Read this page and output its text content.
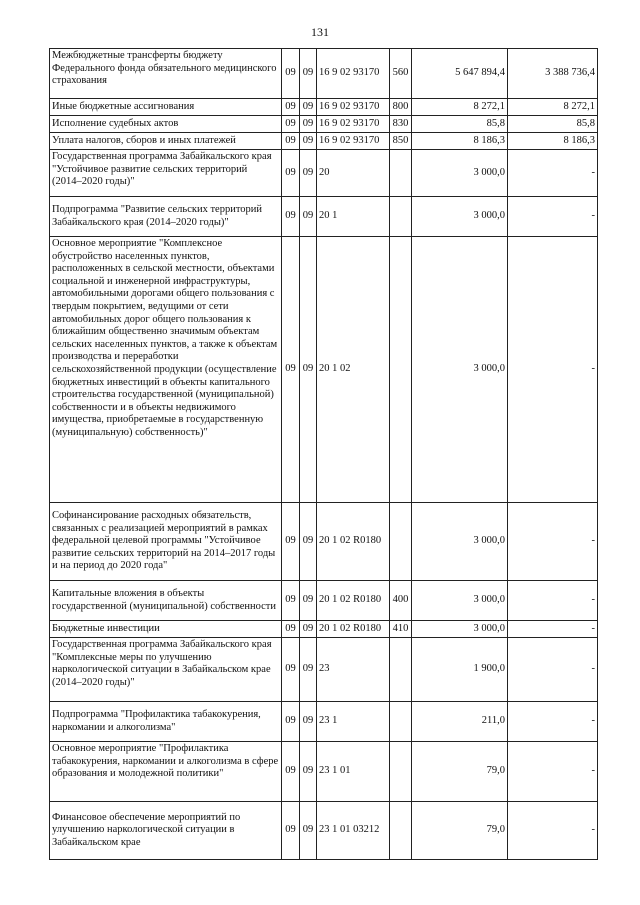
131
Межбюджетные трансферты бюджету Федерального фонда обязательного медицинского страхования	09	09	16 9 02 93170	560	5 647 894,4	3 388 736,4
Иные бюджетные ассигнования	09	09	16 9 02 93170	800	8 272,1	8 272,1
Исполнение судебных актов	09	09	16 9 02 93170	830	85,8	85,8
Уплата налогов, сборов и иных платежей	09	09	16 9 02 93170	850	8 186,3	8 186,3
Государственная программа Забайкальского края "Устойчивое развитие сельских территорий (2014–2020 годы)"	09	09	20		3 000,0	-
Подпрограмма "Развитие сельских территорий Забайкальского края (2014–2020 годы)"	09	09	20 1		3 000,0	-
Основное мероприятие "Комплексное обустройство населенных пунктов, расположенных в сельской местности, объектами социальной и инженерной инфраструктуры, автомобильными дорогами общего пользования с твердым покрытием, ведущими от сети автомобильных дорог общего пользования к ближайшим общественно значимым объектам сельских населенных пунктов, а также к объектам производства и переработки сельскохозяйственной продукции (осуществление бюджетных инвестиций в объекты капитального строительства государственной (муниципальной) собственности и в объекты недвижимого имущества, приобретаемые в государственную (муниципальную) собственность)"	09	09	20 1 02		3 000,0	-
Софинансирование расходных обязательств, связанных с реализацией мероприятий в рамках федеральной целевой программы "Устойчивое развитие сельских территорий на 2014–2017 годы и на период до 2020 года"	09	09	20 1 02 R0180		3 000,0	-
Капитальные вложения в объекты государственной (муниципальной) собственности	09	09	20 1 02 R0180	400	3 000,0	-
Бюджетные инвестиции	09	09	20 1 02 R0180	410	3 000,0	-
Государственная программа Забайкальского края "Комплексные меры по улучшению наркологической ситуации в Забайкальском крае (2014–2020 годы)"	09	09	23		1 900,0	-
Подпрограмма "Профилактика табакокурения, наркомании и алкоголизма"	09	09	23 1		211,0	-
Основное мероприятие "Профилактика табакокурения, наркомании и алкоголизма в сфере образования и молодежной политики"	09	09	23 1 01		79,0	-
Финансовое обеспечение мероприятий по улучшению наркологической ситуации в Забайкальском крае	09	09	23 1 01 03212		79,0	-
